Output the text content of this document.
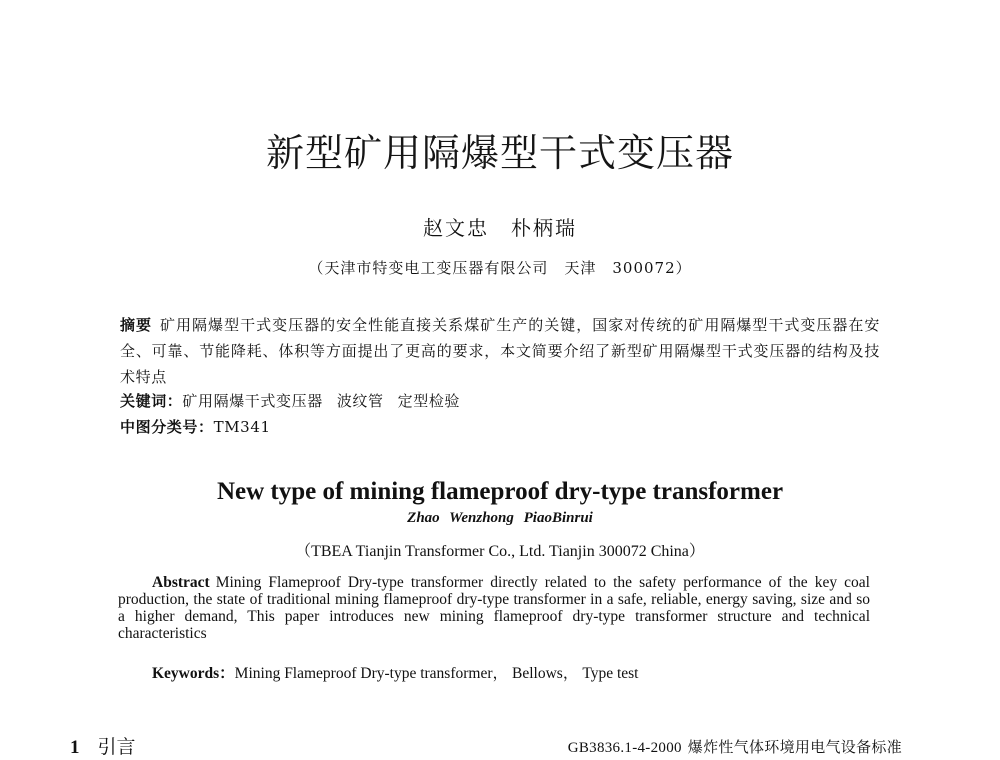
新型矿用隔爆型干式变压器
赵文忠　朴柄瑞
（天津市特变电工变压器有限公司　天津　300072）
摘要 矿用隔爆型干式变压器的安全性能直接关系煤矿生产的关键，国家对传统的矿用隔爆型干式变压器在安全、可靠、节能降耗、体积等方面提出了更高的要求，本文简要介绍了新型矿用隔爆型干式变压器的结构及技术特点
关键词：矿用隔爆干式变压器 波纹管 定型检验
中图分类号：TM341
New type of mining flameproof dry-type transformer
Zhao Wenzhong PiaoBinrui
（TBEA Tianjin Transformer Co., Ltd. Tianjin 300072 China）
Abstract Mining Flameproof Dry-type transformer directly related to the safety performance of the key coal production, the state of traditional mining flameproof dry-type transformer in a safe, reliable, energy saving, size and so a higher demand, This paper introduces new mining flameproof dry-type transformer structure and technical characteristics
Keywords：Mining Flameproof Dry-type transformer， Bellows， Type test
1 引言	GB3836.1-4-2000 爆炸性气体环境用电气设备标准
